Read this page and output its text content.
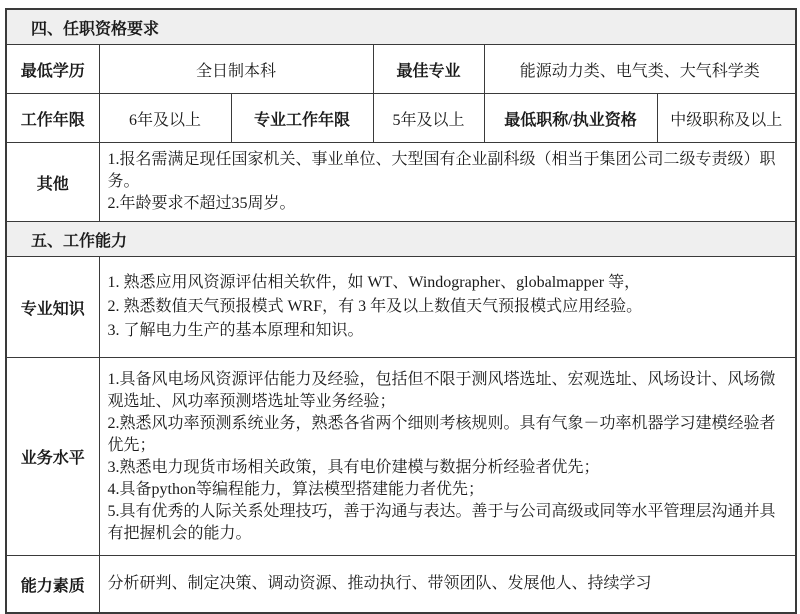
四、任职资格要求					
最低学历	全日制本科		最佳专业	能源动力类、电气类、大气科学类	
工作年限	6年及以上	专业工作年限	5年及以上	最低职称/执业资格	中级职称及以上
其他	1.报名需满足现任国家机关、事业单位、大型国有企业副科级（相当于集团公司二级专责级）职务。

2.年龄要求不超过35周岁。				

五、工作能力					
专业知识	1. 熟悉应用风资源评估相关软件，如 WT、Windographer、globalmapper 等，

2. 熟悉数值天气预报模式 WRF，有 3 年及以上数值天气预报模式应用经验。

3. 了解电力生产的基本原理和知识。				

业务水平	1.具备风电场风资源评估能力及经验，包括但不限于测风塔选址、宏观选址、风场设计、风场微观选址、风功率预测塔选址等业务经验；

2.熟悉风功率预测系统业务，熟悉各省两个细则考核规则。具有气象－功率机器学习建模经验者优先；

3.熟悉电力现货市场相关政策，具有电价建模与数据分析经验者优先；

4.具备python等编程能力，算法模型搭建能力者优先；

5.具有优秀的人际关系处理技巧，善于沟通与表达。善于与公司高级或同等水平管理层沟通并具有把握机会的能力。				

能力素质	分析研判、制定决策、调动资源、推动执行、带领团队、发展他人、持续学习				
